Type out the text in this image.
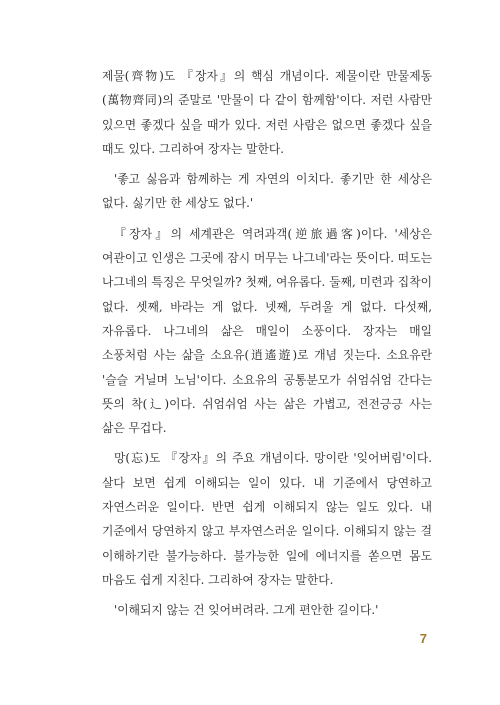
제물(齊物)도 『장자』의 핵심 개념이다. 제물이란 만물제동(萬物齊同)의 준말로 '만물이 다 같이 함께함'이다. 저런 사람만 있으면 좋겠다 싶을 때가 있다. 저런 사람은 없으면 좋겠다 싶을 때도 있다. 그리하여 장자는 말한다.

'좋고 싫음과 함께하는 게 자연의 이치다. 좋기만 한 세상은 없다. 싫기만 한 세상도 없다.'

『장자』의 세계관은 역려과객(逆旅過客)이다. '세상은 여관이고 인생은 그곳에 잠시 머무는 나그네'라는 뜻이다. 떠도는 나그네의 특징은 무엇일까? 첫째, 여유롭다. 둘째, 미련과 집착이 없다. 셋째, 바라는 게 없다. 넷째, 두려울 게 없다. 다섯째, 자유롭다. 나그네의 삶은 매일이 소풍이다. 장자는 매일 소풍처럼 사는 삶을 소요유(逍遙遊)로 개념 짓는다. 소요유란 '슬슬 거닐며 노님'이다. 소요유의 공통분모가 쉬엄쉬엄 간다는 뜻의 착(辶)이다. 쉬엄쉬엄 사는 삶은 가볍고, 전전긍긍 사는 삶은 무겁다.

망(忘)도 『장자』의 주요 개념이다. 망이란 '잊어버림'이다. 살다 보면 쉽게 이해되는 일이 있다. 내 기준에서 당연하고 자연스러운 일이다. 반면 쉽게 이해되지 않는 일도 있다. 내 기준에서 당연하지 않고 부자연스러운 일이다. 이해되지 않는 걸 이해하기란 불가능하다. 불가능한 일에 에너지를 쏟으면 몸도 마음도 쉽게 지친다. 그리하여 장자는 말한다.

'이해되지 않는 건 잊어버려라. 그게 편안한 길이다.'

7
